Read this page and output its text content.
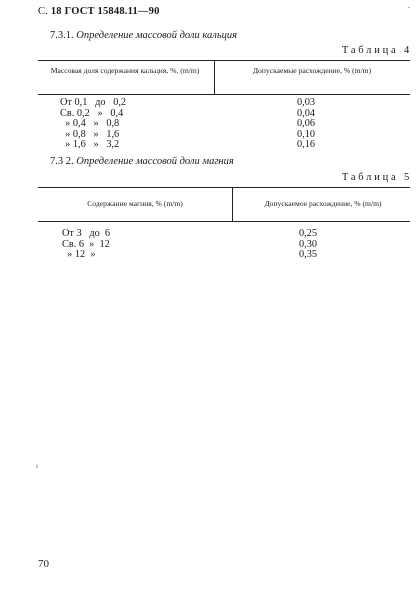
-
С. 18 ГОСТ 15848.11—90
7.3.1. Определение массовой доли кальция
Таблица 4
Массовая доля содержания кальция, %, (m/m)	Допускаемые расхождение, % (m/m)
От 0,1   до   0,2
Св. 0,2   »   0,4
» 0,4   »   0,8
» 0,8   »   1,6
» 1,6   »   3,2
0,03
0,04
0,06
0,10
0,16
7.3 2. Определение массовой доли магния
Таблица 5
Содержание магния, % (m/m)	Допускаемое расхождение, % (m/m)
От 3   до  6
Св. 6  »  12
» 12  »
0,25
0,30
0,35
ı
70
